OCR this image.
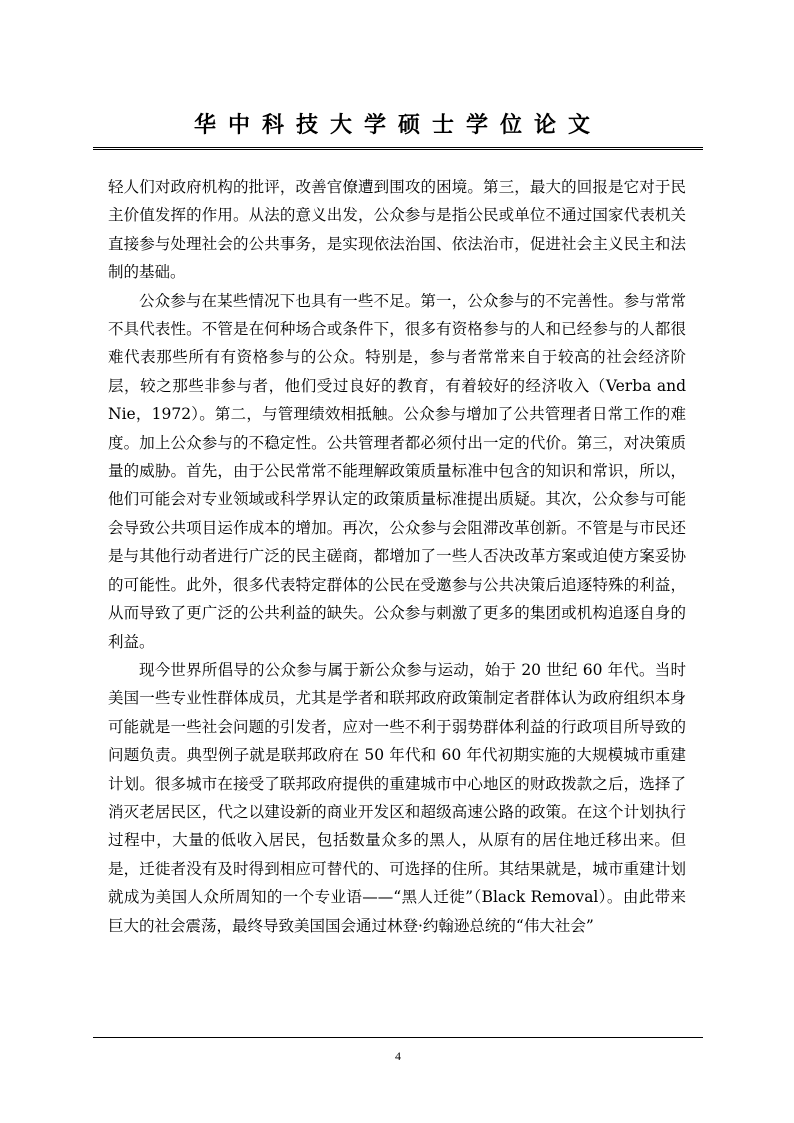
华中科技大学硕士学位论文

轻人们对政府机构的批评，改善官僚遭到围攻的困境。第三，最大的回报是它对于民主价值发挥的作用。从法的意义出发，公众参与是指公民或单位不通过国家代表机关直接参与处理社会的公共事务，是实现依法治国、依法治市，促进社会主义民主和法制的基础。

公众参与在某些情况下也具有一些不足。第一，公众参与的不完善性。参与常常不具代表性。不管是在何种场合或条件下，很多有资格参与的人和已经参与的人都很难代表那些所有有资格参与的公众。特别是，参与者常常来自于较高的社会经济阶层，较之那些非参与者，他们受过良好的教育，有着较好的经济收入（Verba and Nie，1972）。第二，与管理绩效相抵触。公众参与增加了公共管理者日常工作的难度。加上公众参与的不稳定性。公共管理者都必须付出一定的代价。第三，对决策质量的威胁。首先，由于公民常常不能理解政策质量标准中包含的知识和常识，所以，他们可能会对专业领域或科学界认定的政策质量标准提出质疑。其次，公众参与可能会导致公共项目运作成本的增加。再次，公众参与会阻滞改革创新。不管是与市民还是与其他行动者进行广泛的民主磋商，都增加了一些人否决改革方案或迫使方案妥协的可能性。此外，很多代表特定群体的公民在受邀参与公共决策后追逐特殊的利益，从而导致了更广泛的公共利益的缺失。公众参与刺激了更多的集团或机构追逐自身的利益。

现今世界所倡导的公众参与属于新公众参与运动，始于 20 世纪 60 年代。当时美国一些专业性群体成员，尤其是学者和联邦政府政策制定者群体认为政府组织本身可能就是一些社会问题的引发者，应对一些不利于弱势群体利益的行政项目所导致的问题负责。典型例子就是联邦政府在 50 年代和 60 年代初期实施的大规模城市重建计划。很多城市在接受了联邦政府提供的重建城市中心地区的财政拨款之后，选择了消灭老居民区，代之以建设新的商业开发区和超级高速公路的政策。在这个计划执行过程中，大量的低收入居民，包括数量众多的黑人，从原有的居住地迁移出来。但是，迁徙者没有及时得到相应可替代的、可选择的住所。其结果就是，城市重建计划就成为美国人众所周知的一个专业语——“黑人迁徙”（Black Removal）。由此带来巨大的社会震荡，最终导致美国国会通过林登·约翰逊总统的“伟大社会”

4
